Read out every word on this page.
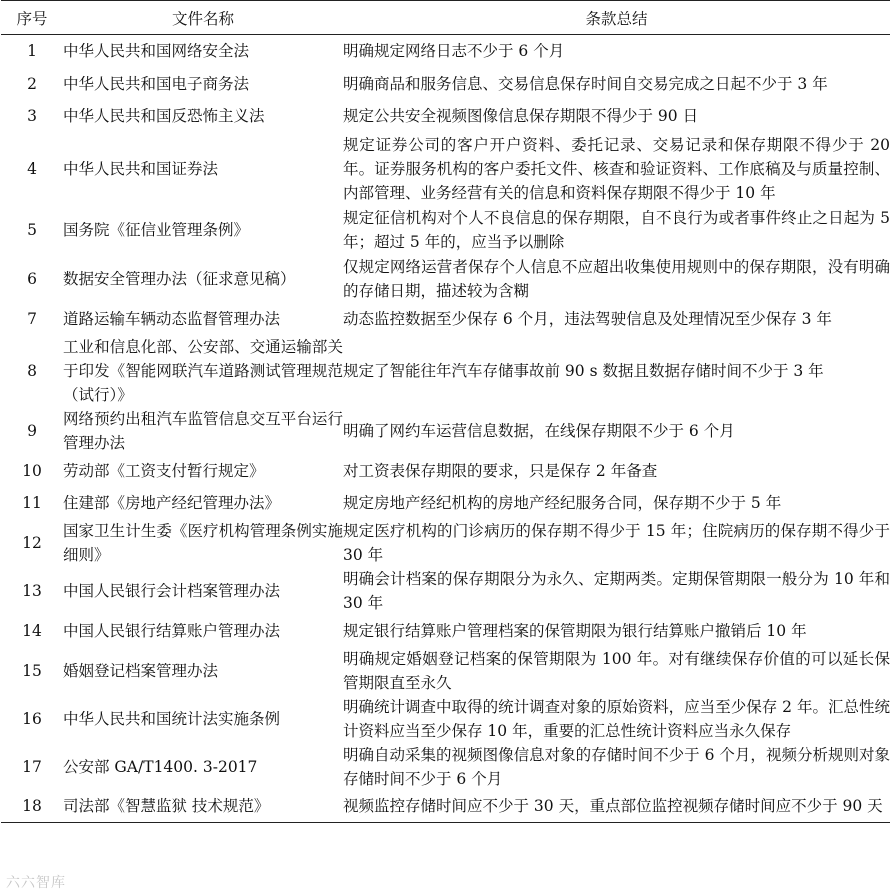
序号	文件名称	条款总结
1	中华人民共和国网络安全法	明确规定网络日志不少于 6 个月
2	中华人民共和国电子商务法	明确商品和服务信息、交易信息保存时间自交易完成之日起不少于 3 年
3	中华人民共和国反恐怖主义法	规定公共安全视频图像信息保存期限不得少于 90 日
4	中华人民共和国证券法	规定证券公司的客户开户资料、委托记录、交易记录和保存期限不得少于 20 年。证券服务机构的客户委托文件、核查和验证资料、工作底稿及与质量控制、内部管理、业务经营有关的信息和资料保存期限不得少于 10 年
5	国务院《征信业管理条例》	规定征信机构对个人不良信息的保存期限，自不良行为或者事件终止之日起为 5 年；超过 5 年的，应当予以删除
6	数据安全管理办法（征求意见稿）	仅规定网络运营者保存个人信息不应超出收集使用规则中的保存期限，没有明确的存储日期，描述较为含糊
7	道路运输车辆动态监督管理办法	动态监控数据至少保存 6 个月，违法驾驶信息及处理情况至少保存 3 年
8	工业和信息化部、公安部、交通运输部关于印发《智能网联汽车道路测试管理规范（试行）》	规定了智能往年汽车存储事故前 90 s 数据且数据存储时间不少于 3 年
9	网络预约出租汽车监管信息交互平台运行管理办法	明确了网约车运营信息数据，在线保存期限不少于 6 个月
10	劳动部《工资支付暂行规定》	对工资表保存期限的要求，只是保存 2 年备查
11	住建部《房地产经纪管理办法》	规定房地产经纪机构的房地产经纪服务合同，保存期不少于 5 年
12	国家卫生计生委《医疗机构管理条例实施细则》	规定医疗机构的门诊病历的保存期不得少于 15 年；住院病历的保存期不得少于 30 年
13	中国人民银行会计档案管理办法	明确会计档案的保存期限分为永久、定期两类。定期保管期限一般分为 10 年和 30 年
14	中国人民银行结算账户管理办法	规定银行结算账户管理档案的保管期限为银行结算账户撤销后 10 年
15	婚姻登记档案管理办法	明确规定婚姻登记档案的保管期限为 100 年。对有继续保存价值的可以延长保管期限直至永久
16	中华人民共和国统计法实施条例	明确统计调查中取得的统计调查对象的原始资料，应当至少保存 2 年。汇总性统计资料应当至少保存 10 年，重要的汇总性统计资料应当永久保存
17	公安部 GA/T1400. 3-2017	明确自动采集的视频图像信息对象的存储时间不少于 6 个月，视频分析规则对象存储时间不少于 6 个月
18	司法部《智慧监狱 技术规范》	视频监控存储时间应不少于 30 天，重点部位监控视频存储时间应不少于 90 天
六六智库
